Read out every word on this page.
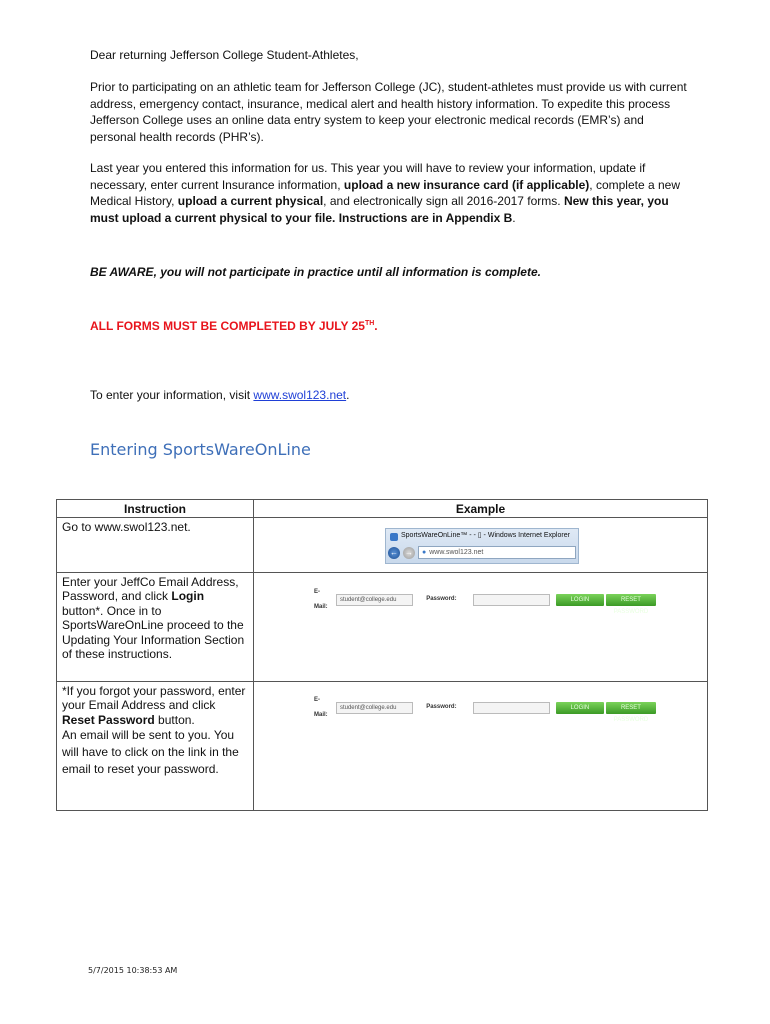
Dear returning Jefferson College Student-Athletes,

Prior to participating on an athletic team for Jefferson College (JC), student-athletes must provide us with current address, emergency contact, insurance, medical alert and health history information. To expedite this process Jefferson College uses an online data entry system to keep your electronic medical records (EMR’s) and personal health records (PHR’s).

Last year you entered this information for us. This year you will have to review your information, update if necessary, enter current Insurance information, upload a new insurance card (if applicable), complete a new Medical History, upload a current physical, and electronically sign all 2016-2017 forms. New this year, you must upload a current physical to your file. Instructions are in Appendix B.

BE AWARE, you will not participate in practice until all information is complete.

ALL FORMS MUST BE COMPLETED BY JULY 25TH.

To enter your information, visit www.swol123.net.

Entering SportsWareOnLine
Instruction	Example
Go to www.swol123.net.	SportsWareOnLine™ - - ▯ - Windows Internet Explorer
← → ● www.swol123.net

Enter your JeffCo Email Address, Password, and click Login button*. Once in to SportsWareOnLine proceed to the Updating Your Information Section of these instructions.	E-Mail:
student@college.edu Password: LOGIN RESET PASSWORD

*If you forgot your password, enter your Email Address and click Reset Password button.
An email will be sent to you. You will have to click on the link in the email to reset your password.	E-Mail:
student@college.edu Password: LOGIN RESET PASSWORD
5/7/2015 10:38:53 AM
